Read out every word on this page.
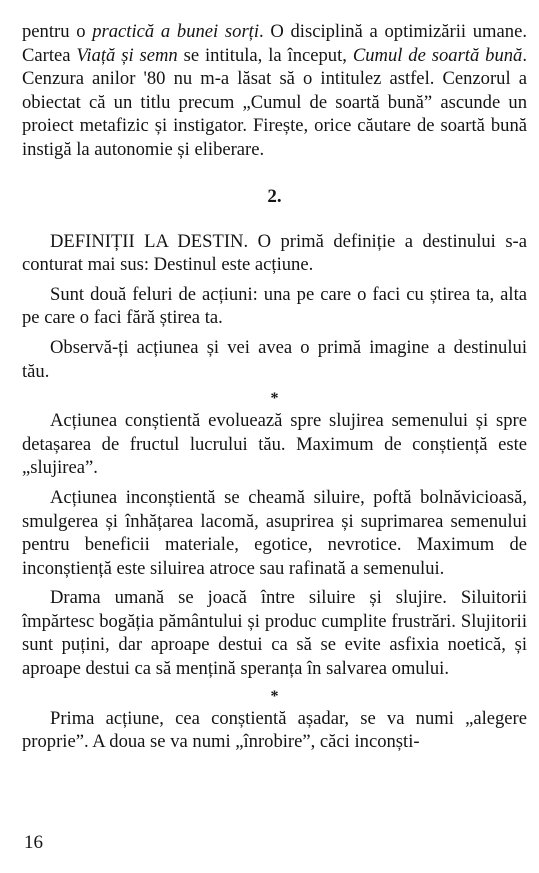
pentru o practică a bunei sorți. O disciplină a optimizării umane. Cartea Viață și semn se intitula, la început, Cumul de soartă bună. Cenzura anilor '80 nu m-a lăsat să o intitulez astfel. Cenzorul a obiectat că un titlu precum „Cumul de soartă bună” ascunde un proiect metafizic și instigator. Firește, orice căutare de soartă bună instigă la autonomie și eliberare.

2.

DEFINIȚII LA DESTIN. O primă definiție a destinului s-a conturat mai sus: Destinul este acțiune.

Sunt două feluri de acțiuni: una pe care o faci cu știrea ta, alta pe care o faci fără știrea ta.

Observă-ți acțiunea și vei avea o primă imagine a destinului tău.

*

Acțiunea conștientă evoluează spre slujirea semenului și spre detașarea de fructul lucrului tău. Maximum de conștiență este „slujirea”.

Acțiunea inconștientă se cheamă siluire, poftă bolnăvicioasă, smulgerea și înhățarea lacomă, asuprirea și suprimarea semenului pentru beneficii materiale, egotice, nevrotice. Maximum de inconștiență este siluirea atroce sau rafinată a semenului.

Drama umană se joacă între siluire și slujire. Siluitorii împărtesc bogăția pământului și produc cumplite frustrări. Slujitorii sunt puțini, dar aproape destui ca să se evite asfixia noetică, și aproape destui ca să mențină speranța în salvarea omului.

*

Prima acțiune, cea conștientă așadar, se va numi „alegere proprie”. A doua se va numi „înrobire”, căci inconști-

16
